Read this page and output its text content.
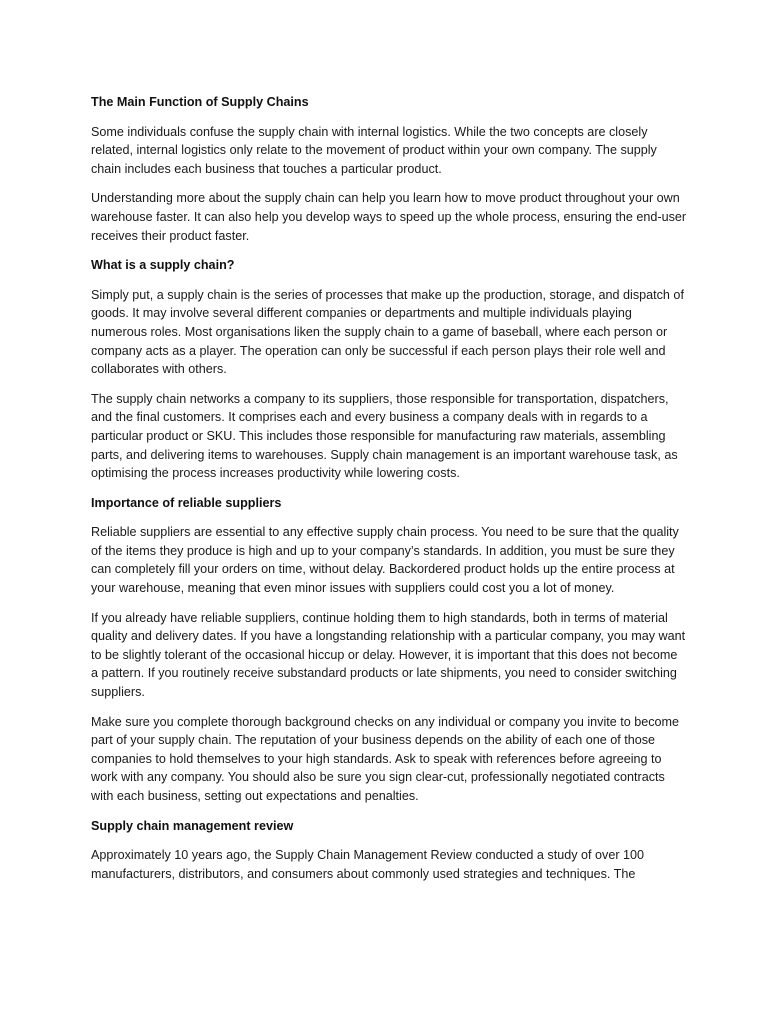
The Main Function of Supply Chains

Some individuals confuse the supply chain with internal logistics. While the two concepts are closely related, internal logistics only relate to the movement of product within your own company. The supply chain includes each business that touches a particular product.

Understanding more about the supply chain can help you learn how to move product throughout your own warehouse faster. It can also help you develop ways to speed up the whole process, ensuring the end-user receives their product faster.

What is a supply chain?

Simply put, a supply chain is the series of processes that make up the production, storage, and dispatch of goods. It may involve several different companies or departments and multiple individuals playing numerous roles. Most organisations liken the supply chain to a game of baseball, where each person or company acts as a player. The operation can only be successful if each person plays their role well and collaborates with others.

The supply chain networks a company to its suppliers, those responsible for transportation, dispatchers, and the final customers. It comprises each and every business a company deals with in regards to a particular product or SKU. This includes those responsible for manufacturing raw materials, assembling parts, and delivering items to warehouses. Supply chain management is an important warehouse task, as optimising the process increases productivity while lowering costs.

Importance of reliable suppliers

Reliable suppliers are essential to any effective supply chain process. You need to be sure that the quality of the items they produce is high and up to your company’s standards. In addition, you must be sure they can completely fill your orders on time, without delay. Backordered product holds up the entire process at your warehouse, meaning that even minor issues with suppliers could cost you a lot of money.

If you already have reliable suppliers, continue holding them to high standards, both in terms of material quality and delivery dates. If you have a longstanding relationship with a particular company, you may want to be slightly tolerant of the occasional hiccup or delay. However, it is important that this does not become a pattern. If you routinely receive substandard products or late shipments, you need to consider switching suppliers.

Make sure you complete thorough background checks on any individual or company you invite to become part of your supply chain. The reputation of your business depends on the ability of each one of those companies to hold themselves to your high standards. Ask to speak with references before agreeing to work with any company. You should also be sure you sign clear-cut, professionally negotiated contracts with each business, setting out expectations and penalties.

Supply chain management review

Approximately 10 years ago, the Supply Chain Management Review conducted a study of over 100 manufacturers, distributors, and consumers about commonly used strategies and techniques. The
